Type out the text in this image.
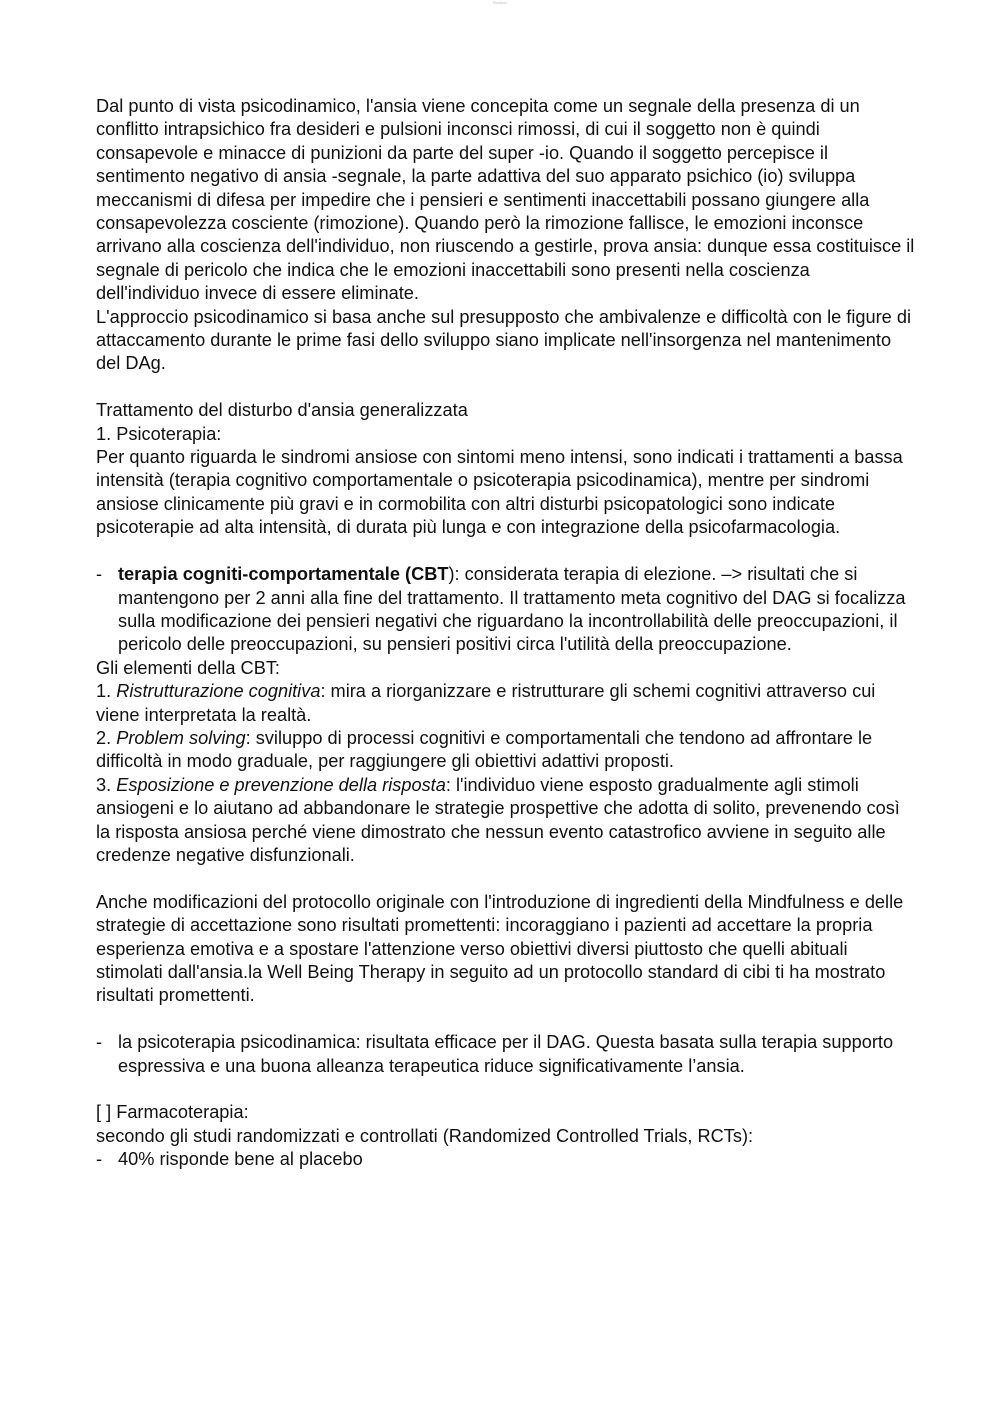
Studocu

Dal punto di vista psicodinamico, l'ansia viene concepita come un segnale della presenza di un conflitto intrapsichico fra desideri e pulsioni inconsci rimossi, di cui il soggetto non è quindi consapevole e minacce di punizioni da parte del super -io. Quando il soggetto percepisce il sentimento negativo di ansia -segnale, la parte adattiva del suo apparato psichico (io) sviluppa meccanismi di difesa per impedire che i pensieri e sentimenti inaccettabili possano giungere alla consapevolezza cosciente (rimozione). Quando però la rimozione fallisce, le emozioni inconsce arrivano alla coscienza dell'individuo, non riuscendo a gestirle, prova ansia: dunque essa costituisce il segnale di pericolo che indica che le emozioni inaccettabili sono presenti nella coscienza dell'individuo invece di essere eliminate.

L'approccio psicodinamico si basa anche sul presupposto che ambivalenze e difficoltà con le figure di attaccamento durante le prime fasi dello sviluppo siano implicate nell'insorgenza nel mantenimento del DAg.

Trattamento del disturbo d'ansia generalizzata

1. Psicoterapia:

Per quanto riguarda le sindromi ansiose con sintomi meno intensi, sono indicati i trattamenti a bassa intensità (terapia cognitivo comportamentale o psicoterapia psicodinamica), mentre per sindromi ansiose clinicamente più gravi e in cormobilita con altri disturbi psicopatologici sono indicate psicoterapie ad alta intensità, di durata più lunga e con integrazione della psicofarmacologia.

- terapia cogniti-comportamentale (CBT): considerata terapia di elezione. –> risultati che si mantengono per 2 anni alla fine del trattamento. Il trattamento meta cognitivo del DAG si focalizza sulla modificazione dei pensieri negativi che riguardano la incontrollabilità delle preoccupazioni, il pericolo delle preoccupazioni, su pensieri positivi circa l'utilità della preoccupazione.

Gli elementi della CBT:

1. Ristrutturazione cognitiva: mira a riorganizzare e ristrutturare gli schemi cognitivi attraverso cui viene interpretata la realtà.

2. Problem solving: sviluppo di processi cognitivi e comportamentali che tendono ad affrontare le difficoltà in modo graduale, per raggiungere gli obiettivi adattivi proposti.

3. Esposizione e prevenzione della risposta: l'individuo viene esposto gradualmente agli stimoli ansiogeni e lo aiutano ad abbandonare le strategie prospettive che adotta di solito, prevenendo così la risposta ansiosa perché viene dimostrato che nessun evento catastrofico avviene in seguito alle credenze negative disfunzionali.

Anche modificazioni del protocollo originale con l'introduzione di ingredienti della Mindfulness e delle strategie di accettazione sono risultati promettenti: incoraggiano i pazienti ad accettare la propria esperienza emotiva e a spostare l'attenzione verso obiettivi diversi piuttosto che quelli abituali stimolati dall'ansia.la Well Being Therapy in seguito ad un protocollo standard di cibi ti ha mostrato risultati promettenti.

- la psicoterapia psicodinamica: risultata efficace per il DAG. Questa basata sulla terapia supporto espressiva e una buona alleanza terapeutica riduce significativamente l’ansia.

[ ] Farmacoterapia:

secondo gli studi randomizzati e controllati (Randomized Controlled Trials, RCTs):

- 40% risponde bene al placebo
